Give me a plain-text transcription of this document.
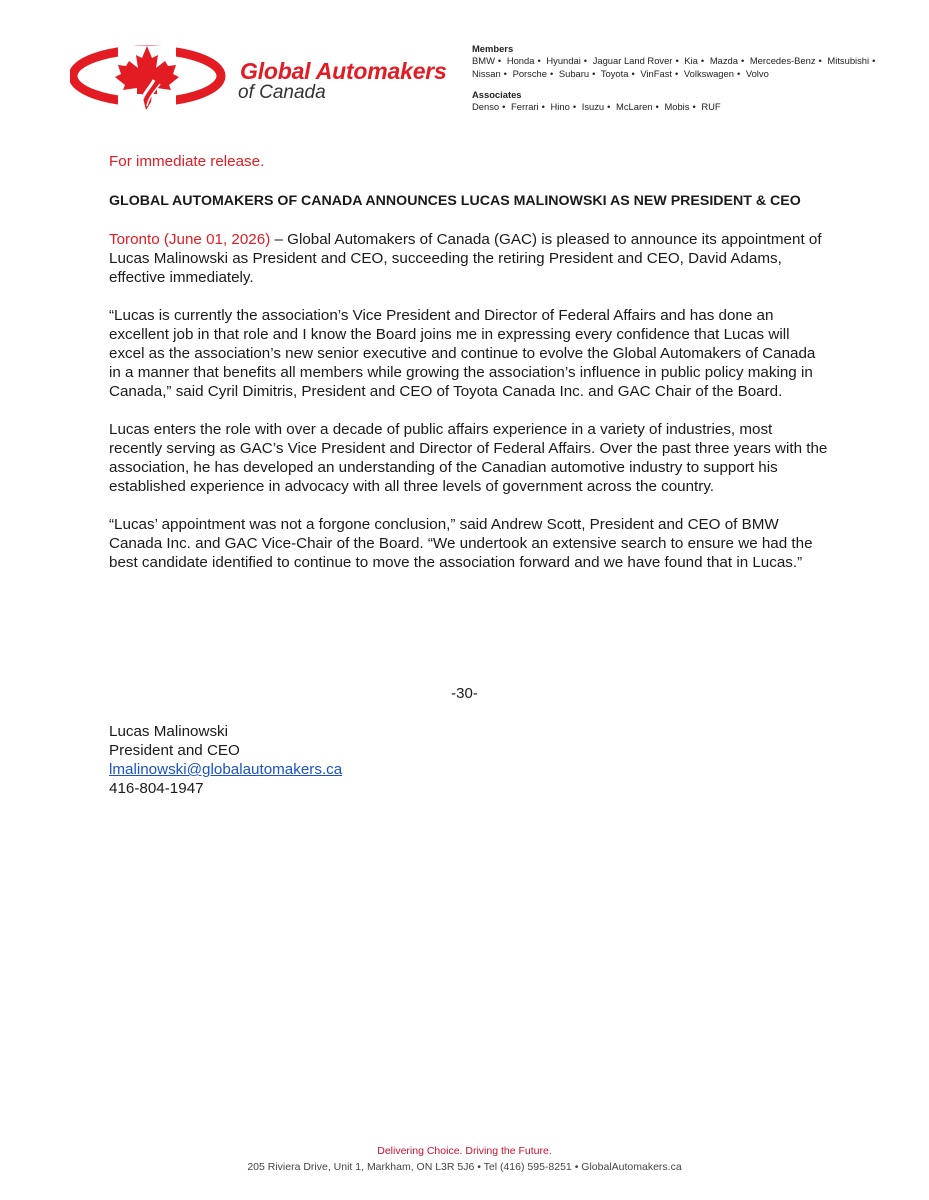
Global Automakers
of Canada
Members
BMW • Honda • Hyundai • Jaguar Land Rover • Kia • Mazda • Mercedes-Benz • Mitsubishi • Nissan • Porsche • Subaru • Toyota • VinFast • Volkswagen • Volvo
Associates
Denso • Ferrari • Hino • Isuzu • McLaren • Mobis • RUF

For immediate release.

GLOBAL AUTOMAKERS OF CANADA ANNOUNCES LUCAS MALINOWSKI AS NEW PRESIDENT & CEO

Toronto (June 01, 2026) – Global Automakers of Canada (GAC) is pleased to announce its appointment of Lucas Malinowski as President and CEO, succeeding the retiring President and CEO, David Adams, effective immediately.

“Lucas is currently the association’s Vice President and Director of Federal Affairs and has done an excellent job in that role and I know the Board joins me in expressing every confidence that Lucas will excel as the association’s new senior executive and continue to evolve the Global Automakers of Canada in a manner that benefits all members while growing the association’s influence in public policy making in Canada,” said Cyril Dimitris, President and CEO of Toyota Canada Inc. and GAC Chair of the Board.

Lucas enters the role with over a decade of public affairs experience in a variety of industries, most recently serving as GAC’s Vice President and Director of Federal Affairs. Over the past three years with the association, he has developed an understanding of the Canadian automotive industry to support his established experience in advocacy with all three levels of government across the country.

“Lucas’ appointment was not a forgone conclusion,” said Andrew Scott, President and CEO of BMW Canada Inc. and GAC Vice-Chair of the Board. “We undertook an extensive search to ensure we had the best candidate identified to continue to move the association forward and we have found that in Lucas.”

-30-
Lucas Malinowski
President and CEO
lmalinowski@globalautomakers.ca
416-804-1947
Delivering Choice. Driving the Future.
205 Riviera Drive, Unit 1, Markham, ON L3R 5J6 • Tel (416) 595-8251 • GlobalAutomakers.ca
